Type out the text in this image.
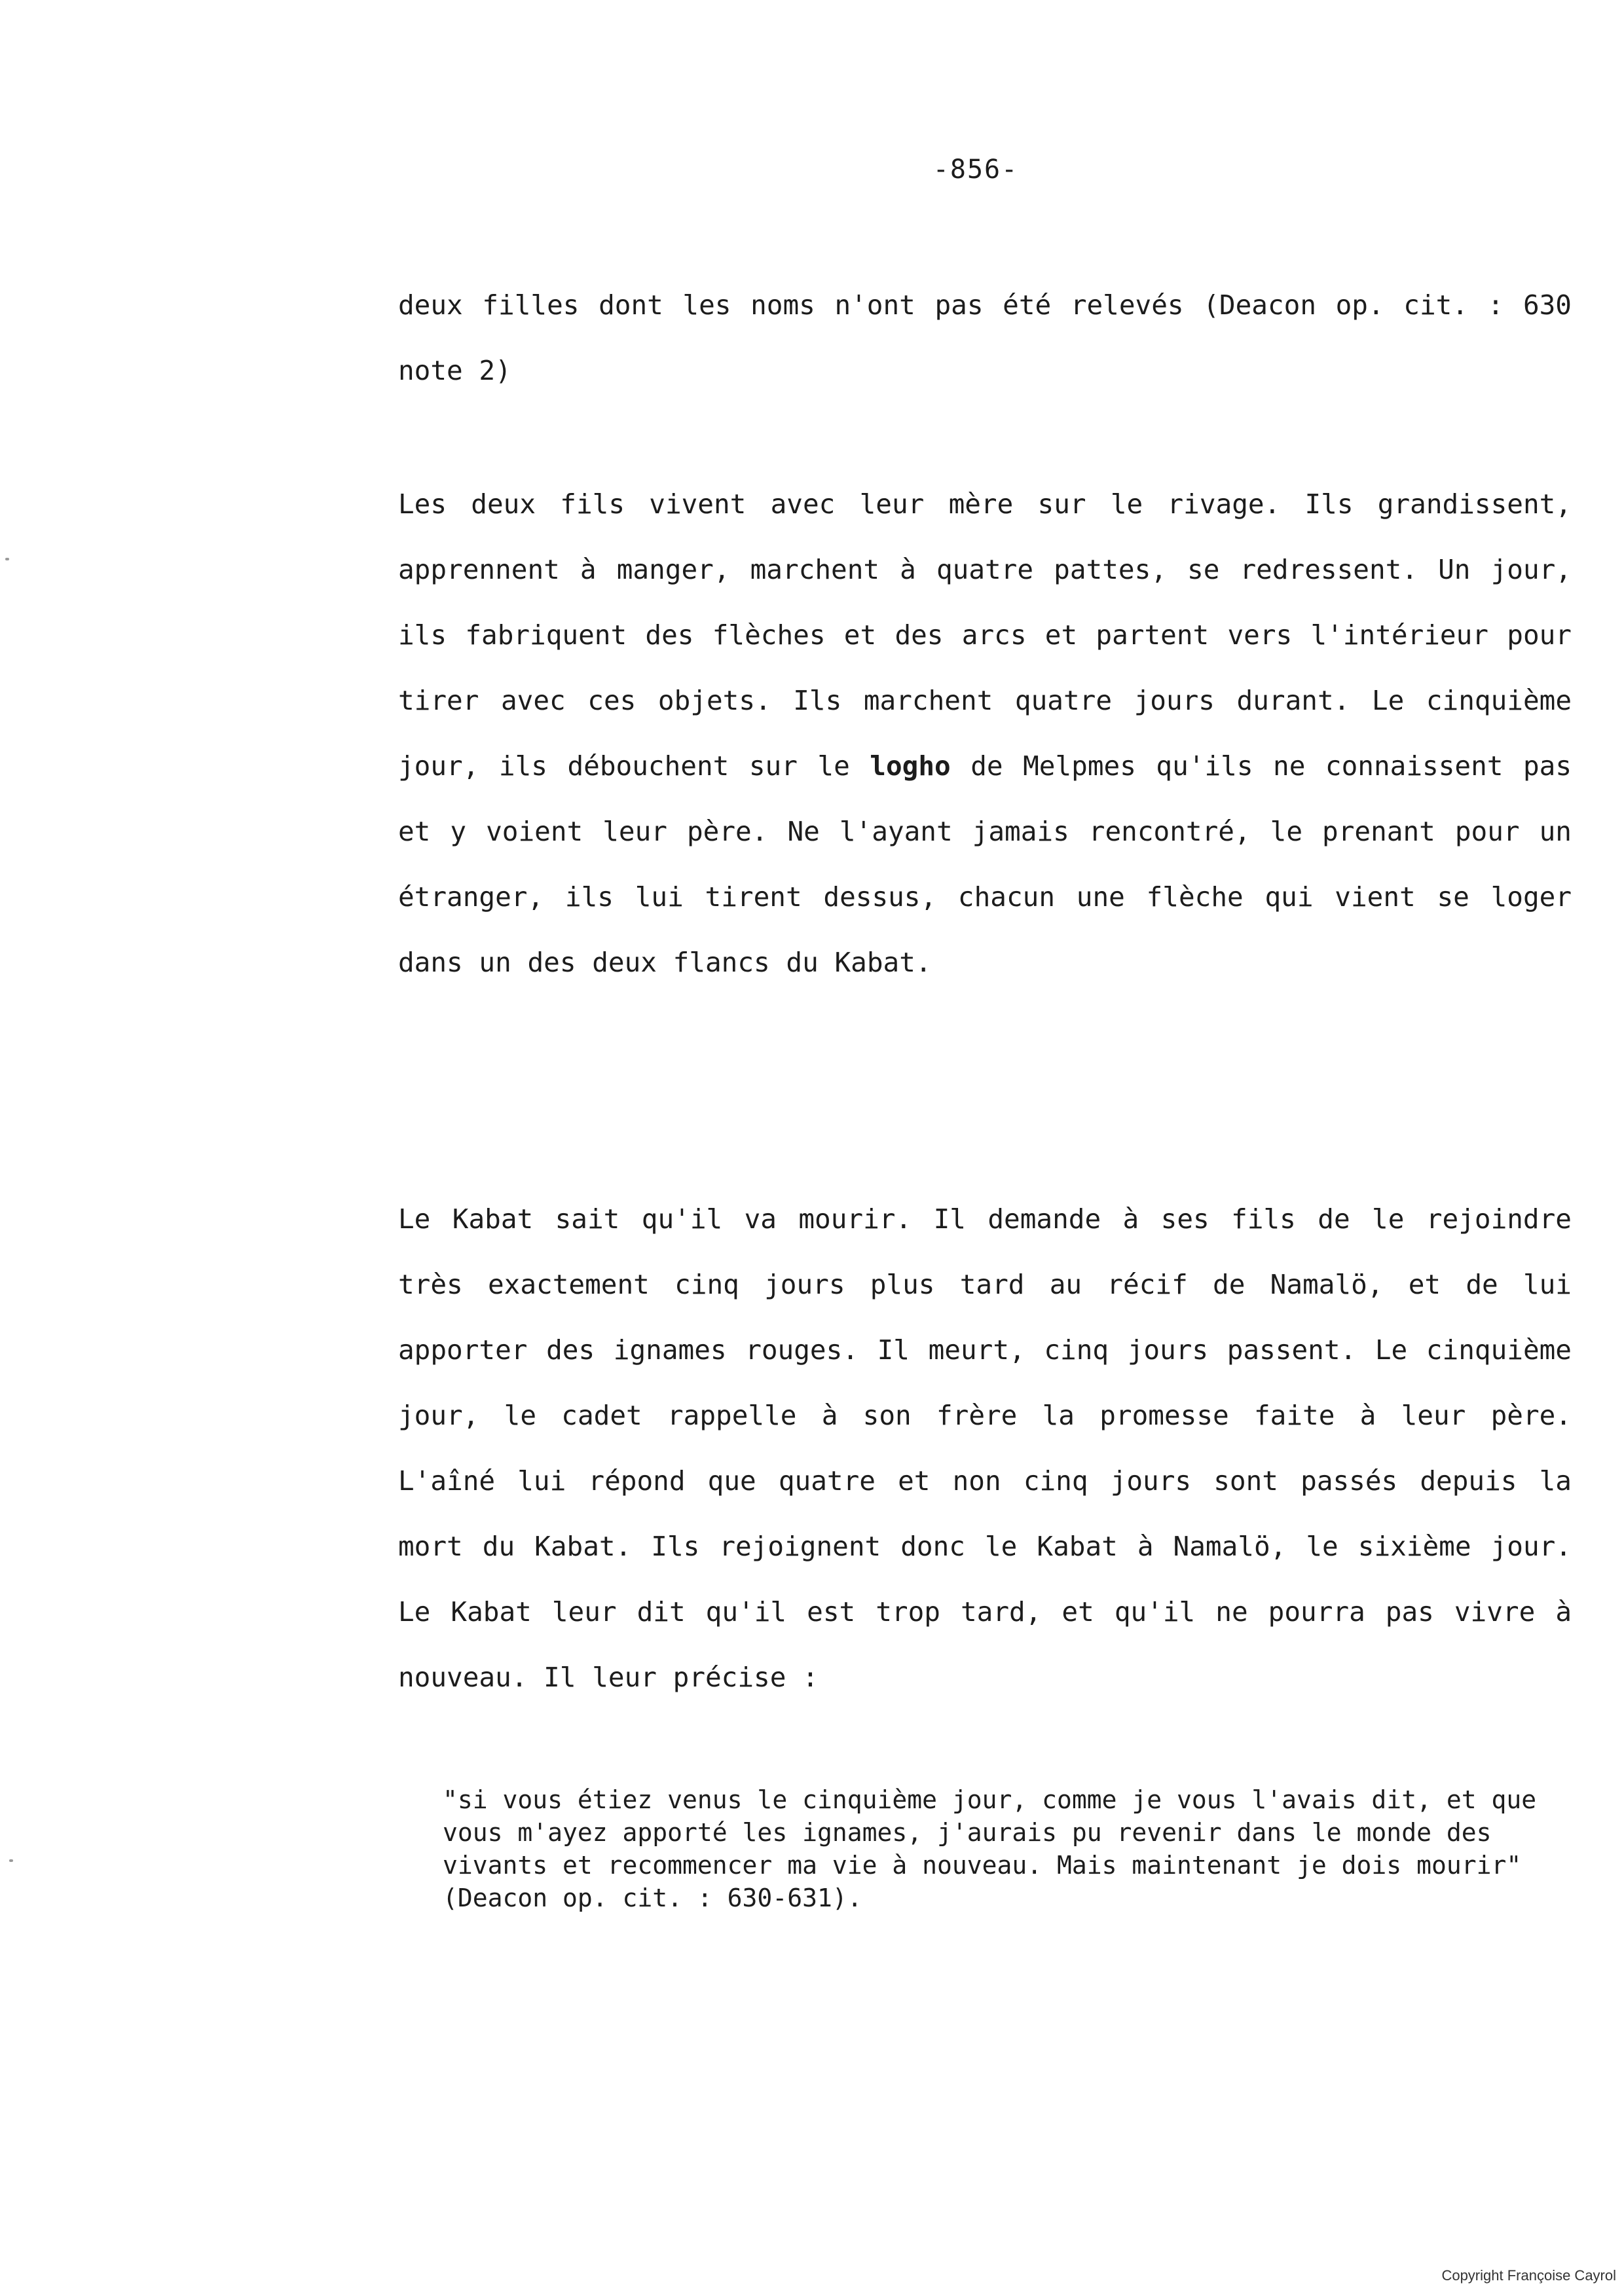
-856-
deux filles dont les noms n'ont pas été relevés (Deacon op. cit. : 630 note 2)
Les deux fils vivent avec leur mère sur le rivage. Ils grandissent, apprennent à manger, marchent à quatre pattes, se redressent. Un jour, ils fabriquent des flèches et des arcs et partent vers l'intérieur pour tirer avec ces objets. Ils marchent quatre jours durant. Le cinquième jour, ils débouchent sur le logho de Melpmes qu'ils ne connaissent pas et y voient leur père. Ne l'ayant jamais rencontré, le prenant pour un étranger, ils lui tirent dessus, chacun une flèche qui vient se loger dans un des deux flancs du Kabat.
Le Kabat sait qu'il va mourir. Il demande à ses fils de le rejoindre très exactement cinq jours plus tard au récif de Namalö, et de lui apporter des ignames rouges. Il meurt, cinq jours passent. Le cinquième jour, le cadet rappelle à son frère la promesse faite à leur père. L'aîné lui répond que quatre et non cinq jours sont passés depuis la mort du Kabat. Ils rejoignent donc le Kabat à Namalö, le sixième jour. Le Kabat leur dit qu'il est trop tard, et qu'il ne pourra pas vivre à nouveau. Il leur précise :
"si vous étiez venus le cinquième jour, comme je vous l'avais dit, et que vous m'ayez apporté les ignames, j'aurais pu revenir dans le monde des vivants et recommencer ma vie à nouveau. Mais maintenant je dois mourir" (Deacon op. cit. : 630-631).
Copyright Françoise Cayrol
